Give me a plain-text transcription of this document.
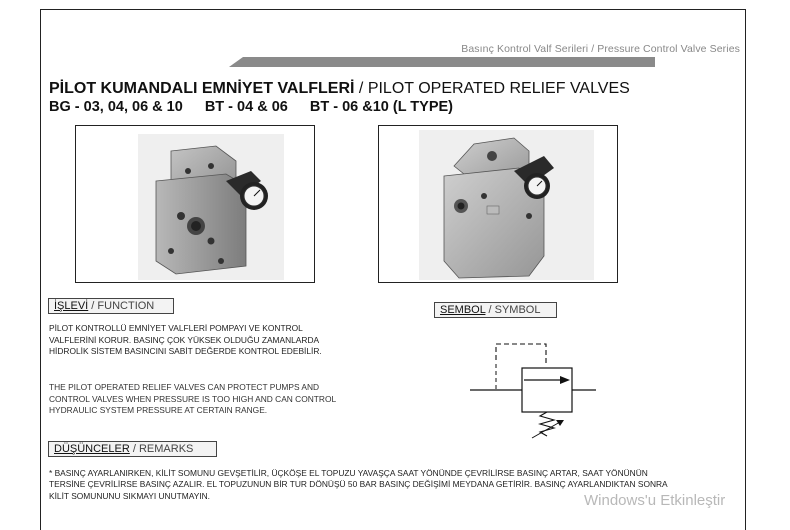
Basınç Kontrol Valf Serileri / Pressure Control Valve Series
PİLOT KUMANDALI EMNİYET VALFLERİ / PILOT OPERATED RELIEF VALVES
BG - 03, 04, 06 & 10 BT - 04 & 06 BT - 06 &10 (L TYPE)
İŞLEVİ / FUNCTION	SEMBOL / SYMBOL
PİLOT KONTROLLÜ EMNİYET VALFLERİ POMPAYI VE KONTROL VALFLERİNİ KORUR. BASINÇ ÇOK YÜKSEK OLDUĞU ZAMANLARDA HİDROLİK SİSTEM BASINCINI SABİT DEĞERDE KONTROL EDEBİLİR.
THE PILOT OPERATED RELIEF VALVES CAN PROTECT PUMPS AND CONTROL VALVES WHEN PRESSURE IS TOO HIGH AND CAN CONTROL HYDRAULIC SYSTEM PRESSURE AT CERTAIN RANGE.
DÜŞÜNCELER / REMARKS
* BASINÇ AYARLANIRKEN, KİLİT SOMUNU GEVŞETİLİR, ÜÇKÖŞE EL TOPUZU YAVAŞÇA SAAT YÖNÜNDE ÇEVRİLİRSE BASINÇ ARTAR, SAAT YÖNÜNÜN TERSİNE ÇEVRİLİRSE BASINÇ AZALIR. EL TOPUZUNUN BİR TUR DÖNÜŞÜ 50 BAR BASINÇ DEĞİŞİMİ MEYDANA GETİRİR. BASINÇ AYARLANDIKTAN SONRA KİLİT SOMUNUNU SIKMAYI UNUTMAYIN.	Windows'u Etkinleştir
